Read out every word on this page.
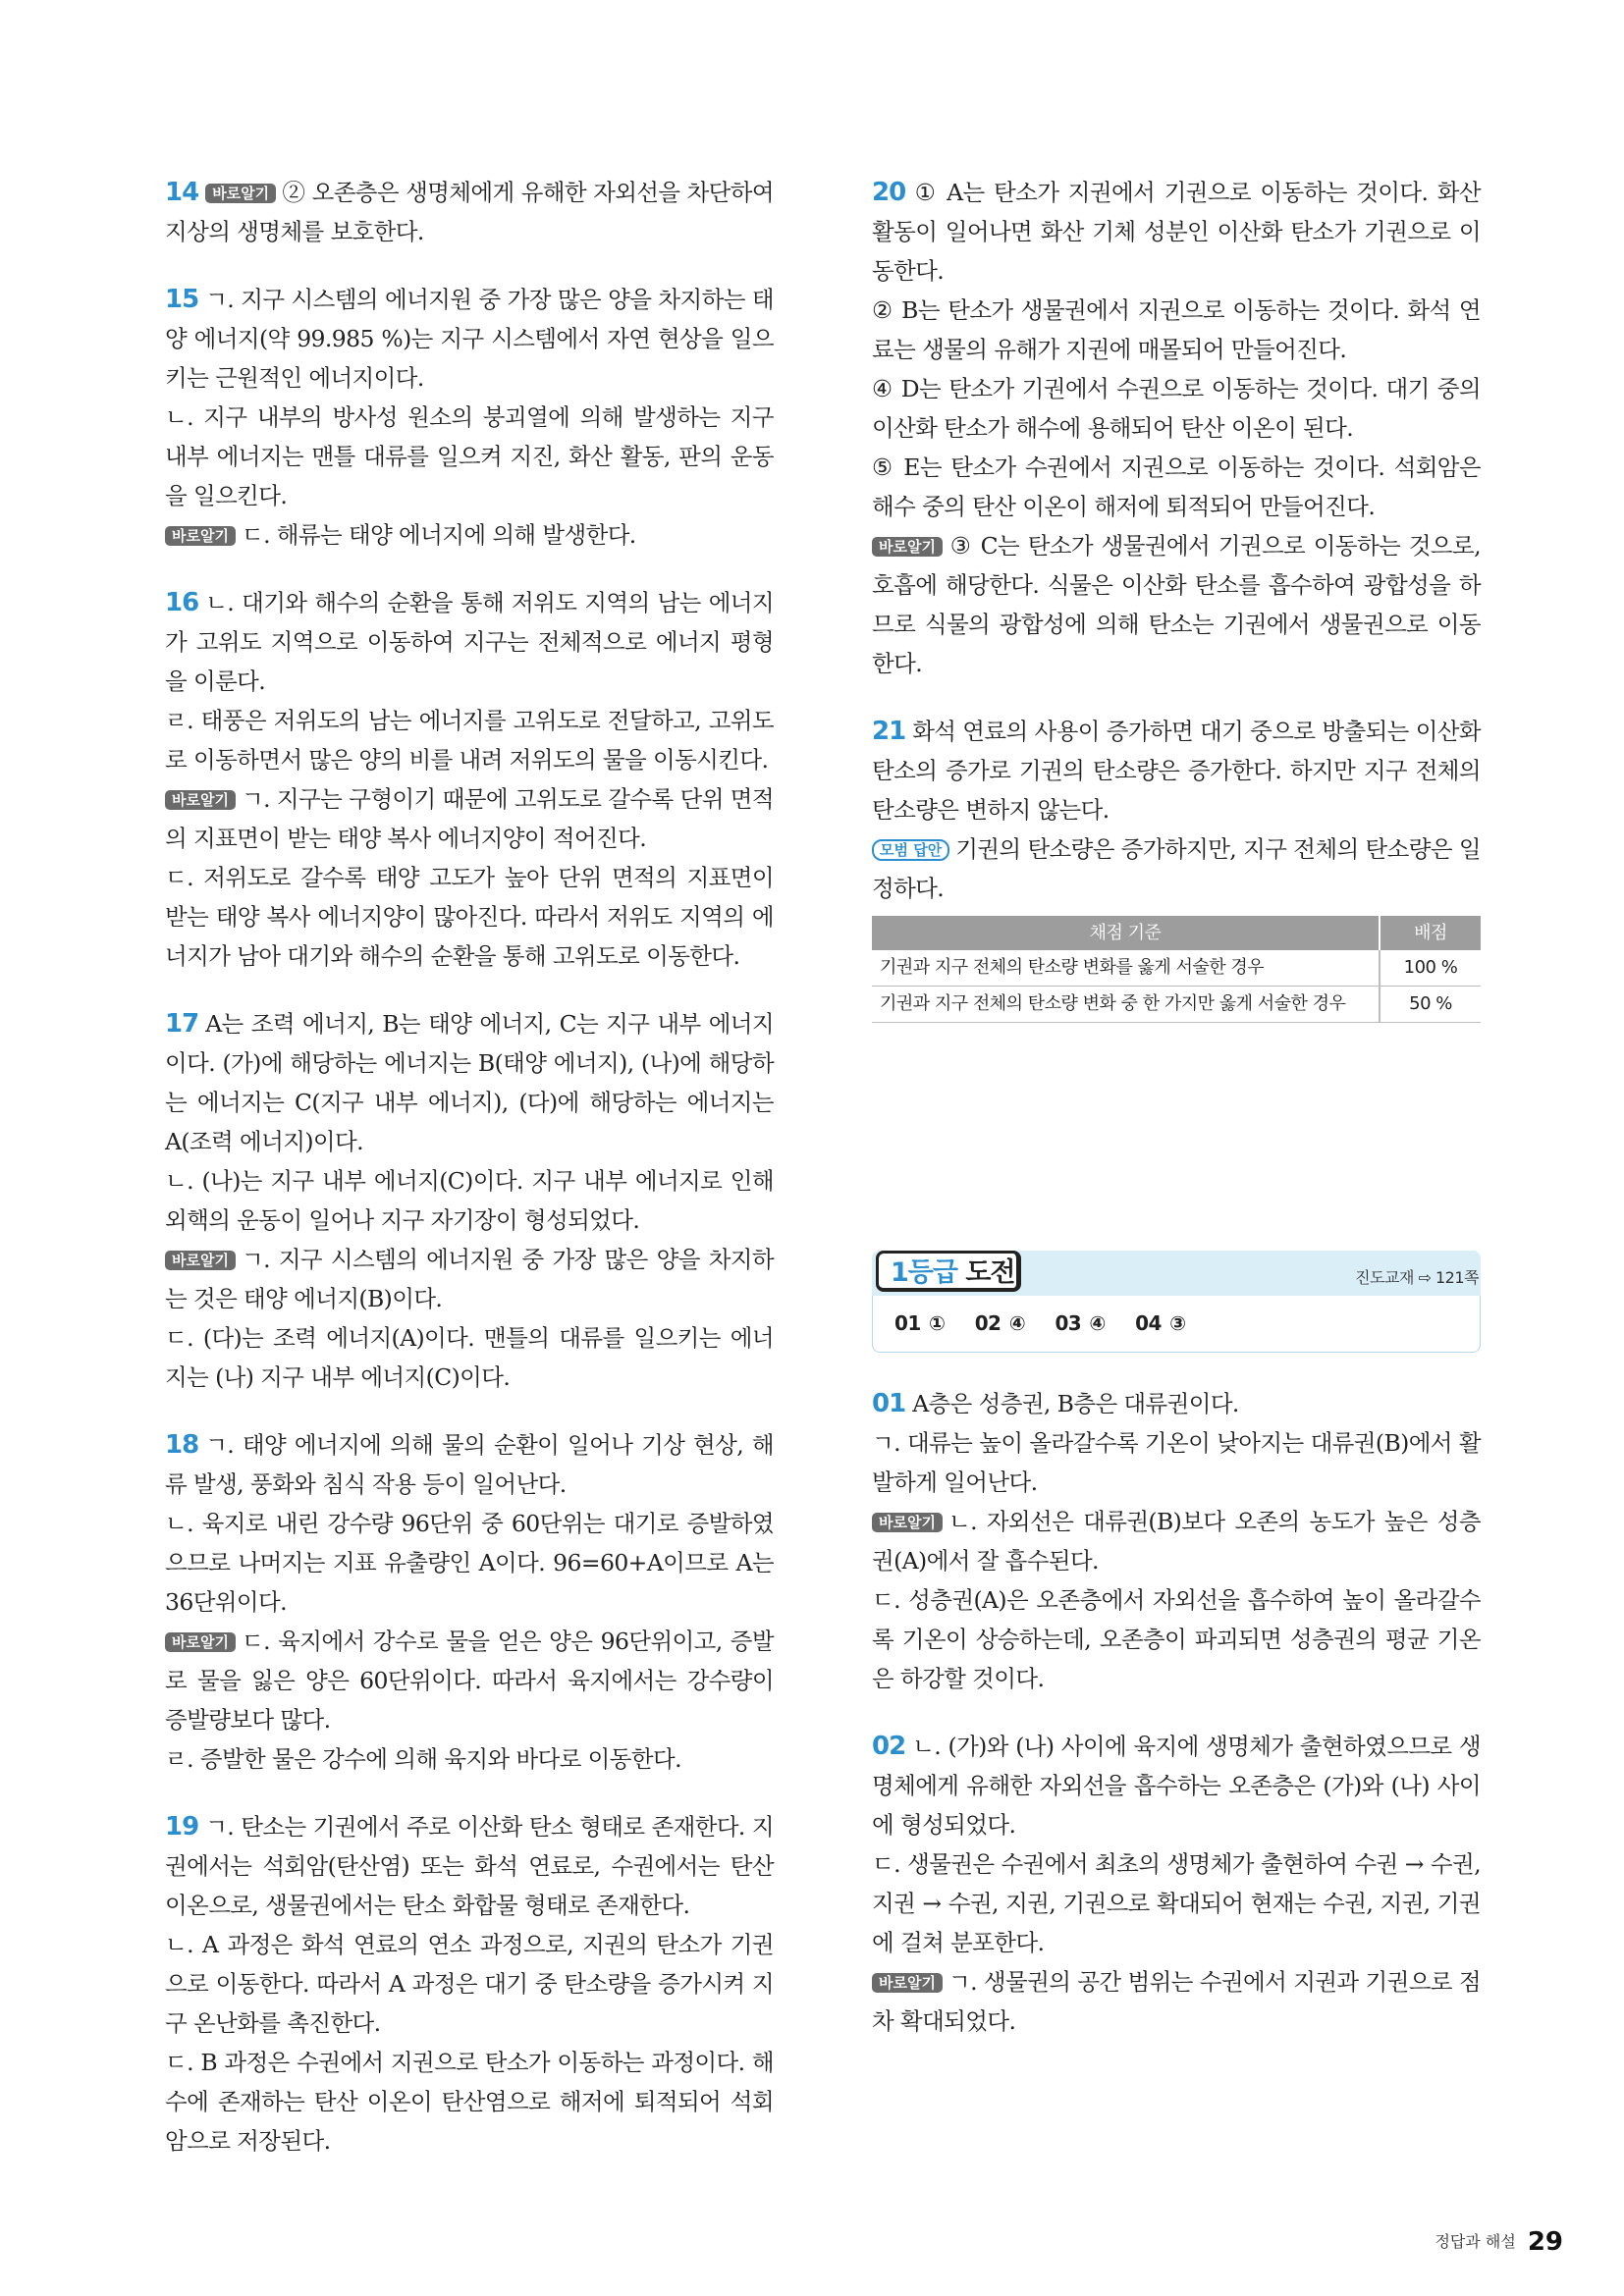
14 바로알기 ② 오존층은 생명체에게 유해한 자외선을 차단하여 지상의 생명체를 보호한다.

15 ㄱ. 지구 시스템의 에너지원 중 가장 많은 양을 차지하는 태양 에너지(약 99.985 %)는 지구 시스템에서 자연 현상을 일으키는 근원적인 에너지이다.

ㄴ. 지구 내부의 방사성 원소의 붕괴열에 의해 발생하는 지구 내부 에너지는 맨틀 대류를 일으켜 지진, 화산 활동, 판의 운동을 일으킨다.

바로알기 ㄷ. 해류는 태양 에너지에 의해 발생한다.

16 ㄴ. 대기와 해수의 순환을 통해 저위도 지역의 남는 에너지가 고위도 지역으로 이동하여 지구는 전체적으로 에너지 평형을 이룬다.

ㄹ. 태풍은 저위도의 남는 에너지를 고위도로 전달하고, 고위도로 이동하면서 많은 양의 비를 내려 저위도의 물을 이동시킨다.

바로알기 ㄱ. 지구는 구형이기 때문에 고위도로 갈수록 단위 면적의 지표면이 받는 태양 복사 에너지양이 적어진다.

ㄷ. 저위도로 갈수록 태양 고도가 높아 단위 면적의 지표면이 받는 태양 복사 에너지양이 많아진다. 따라서 저위도 지역의 에너지가 남아 대기와 해수의 순환을 통해 고위도로 이동한다.

17 A는 조력 에너지, B는 태양 에너지, C는 지구 내부 에너지이다. (가)에 해당하는 에너지는 B(태양 에너지), (나)에 해당하는 에너지는 C(지구 내부 에너지), (다)에 해당하는 에너지는 A(조력 에너지)이다.

ㄴ. (나)는 지구 내부 에너지(C)이다. 지구 내부 에너지로 인해 외핵의 운동이 일어나 지구 자기장이 형성되었다.

바로알기 ㄱ. 지구 시스템의 에너지원 중 가장 많은 양을 차지하는 것은 태양 에너지(B)이다.

ㄷ. (다)는 조력 에너지(A)이다. 맨틀의 대류를 일으키는 에너지는 (나) 지구 내부 에너지(C)이다.

18 ㄱ. 태양 에너지에 의해 물의 순환이 일어나 기상 현상, 해류 발생, 풍화와 침식 작용 등이 일어난다.

ㄴ. 육지로 내린 강수량 96단위 중 60단위는 대기로 증발하였으므로 나머지는 지표 유출량인 A이다. 96=60+A이므로 A는 36단위이다.

바로알기 ㄷ. 육지에서 강수로 물을 얻은 양은 96단위이고, 증발로 물을 잃은 양은 60단위이다. 따라서 육지에서는 강수량이 증발량보다 많다.

ㄹ. 증발한 물은 강수에 의해 육지와 바다로 이동한다.

19 ㄱ. 탄소는 기권에서 주로 이산화 탄소 형태로 존재한다. 지권에서는 석회암(탄산염) 또는 화석 연료로, 수권에서는 탄산 이온으로, 생물권에서는 탄소 화합물 형태로 존재한다.

ㄴ. A 과정은 화석 연료의 연소 과정으로, 지권의 탄소가 기권으로 이동한다. 따라서 A 과정은 대기 중 탄소량을 증가시켜 지구 온난화를 촉진한다.

ㄷ. B 과정은 수권에서 지권으로 탄소가 이동하는 과정이다. 해수에 존재하는 탄산 이온이 탄산염으로 해저에 퇴적되어 석회암으로 저장된다.

20 ① A는 탄소가 지권에서 기권으로 이동하는 것이다. 화산 활동이 일어나면 화산 기체 성분인 이산화 탄소가 기권으로 이동한다.

② B는 탄소가 생물권에서 지권으로 이동하는 것이다. 화석 연료는 생물의 유해가 지권에 매몰되어 만들어진다.

④ D는 탄소가 기권에서 수권으로 이동하는 것이다. 대기 중의 이산화 탄소가 해수에 용해되어 탄산 이온이 된다.

⑤ E는 탄소가 수권에서 지권으로 이동하는 것이다. 석회암은 해수 중의 탄산 이온이 해저에 퇴적되어 만들어진다.

바로알기 ③ C는 탄소가 생물권에서 기권으로 이동하는 것으로, 호흡에 해당한다. 식물은 이산화 탄소를 흡수하여 광합성을 하므로 식물의 광합성에 의해 탄소는 기권에서 생물권으로 이동한다.

21 화석 연료의 사용이 증가하면 대기 중으로 방출되는 이산화 탄소의 증가로 기권의 탄소량은 증가한다. 하지만 지구 전체의 탄소량은 변하지 않는다.

모범 답안 기권의 탄소량은 증가하지만, 지구 전체의 탄소량은 일정하다.

채점 기준	배점
기권과 지구 전체의 탄소량 변화를 옳게 서술한 경우	100 %
기권과 지구 전체의 탄소량 변화 중 한 가지만 옳게 서술한 경우	50 %
1등급 도전	진도교재 ⇨ 121쪽
01 ① 02 ④ 03 ④ 04 ③

01 A층은 성층권, B층은 대류권이다.

ㄱ. 대류는 높이 올라갈수록 기온이 낮아지는 대류권(B)에서 활발하게 일어난다.

바로알기 ㄴ. 자외선은 대류권(B)보다 오존의 농도가 높은 성층권(A)에서 잘 흡수된다.

ㄷ. 성층권(A)은 오존층에서 자외선을 흡수하여 높이 올라갈수록 기온이 상승하는데, 오존층이 파괴되면 성층권의 평균 기온은 하강할 것이다.

02 ㄴ. (가)와 (나) 사이에 육지에 생명체가 출현하였으므로 생명체에게 유해한 자외선을 흡수하는 오존층은 (가)와 (나) 사이에 형성되었다.

ㄷ. 생물권은 수권에서 최초의 생명체가 출현하여 수권 → 수권, 지권 → 수권, 지권, 기권으로 확대되어 현재는 수권, 지권, 기권에 걸쳐 분포한다.

바로알기 ㄱ. 생물권의 공간 범위는 수권에서 지권과 기권으로 점차 확대되었다.

정답과 해설 29
